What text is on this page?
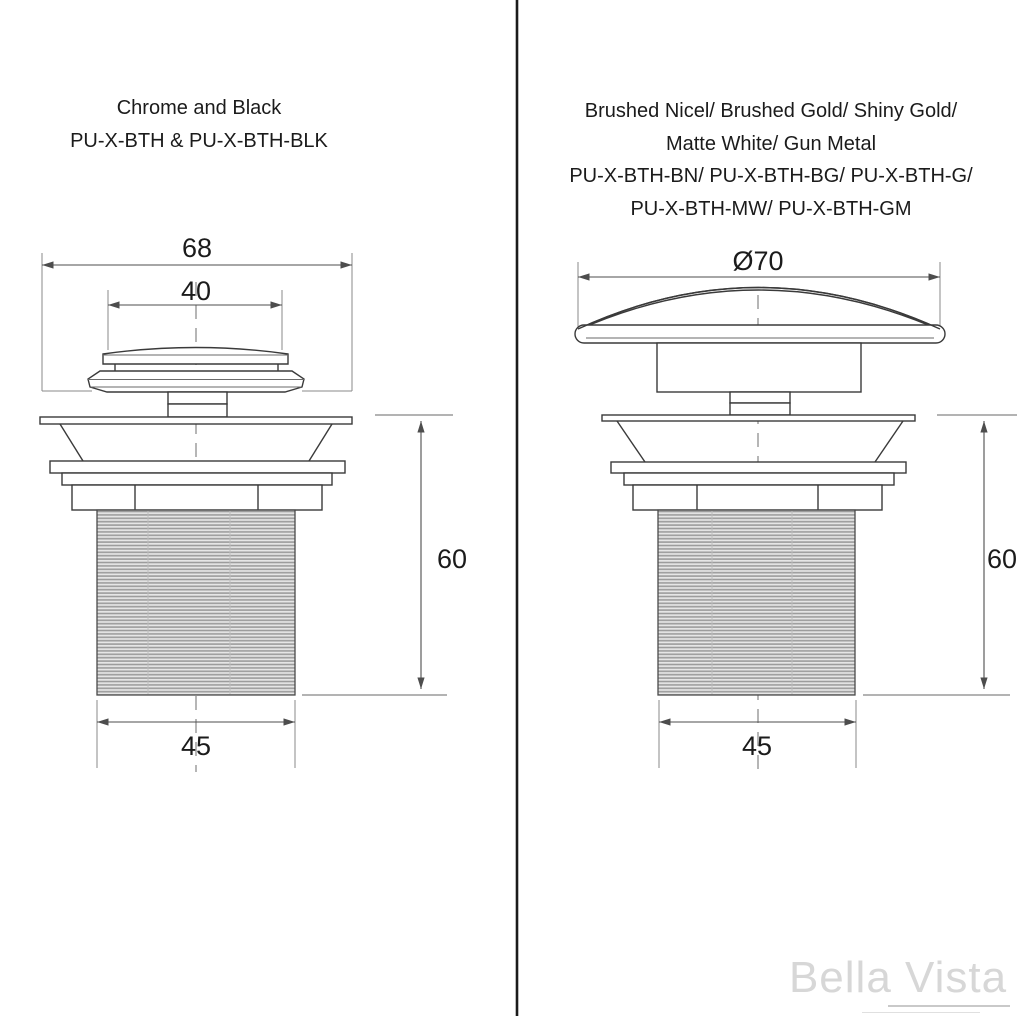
Chrome and Black
PU-X-BTH & PU-X-BTH-BLK
Brushed Nicel/ Brushed Gold/ Shiny Gold/
Matte White/ Gun Metal
PU-X-BTH-BN/ PU-X-BTH-BG/ PU-X-BTH-G/
PU-X-BTH-MW/ PU-X-BTH-GM
68
40
60
45
Ø70
60
45
Bella Vista
